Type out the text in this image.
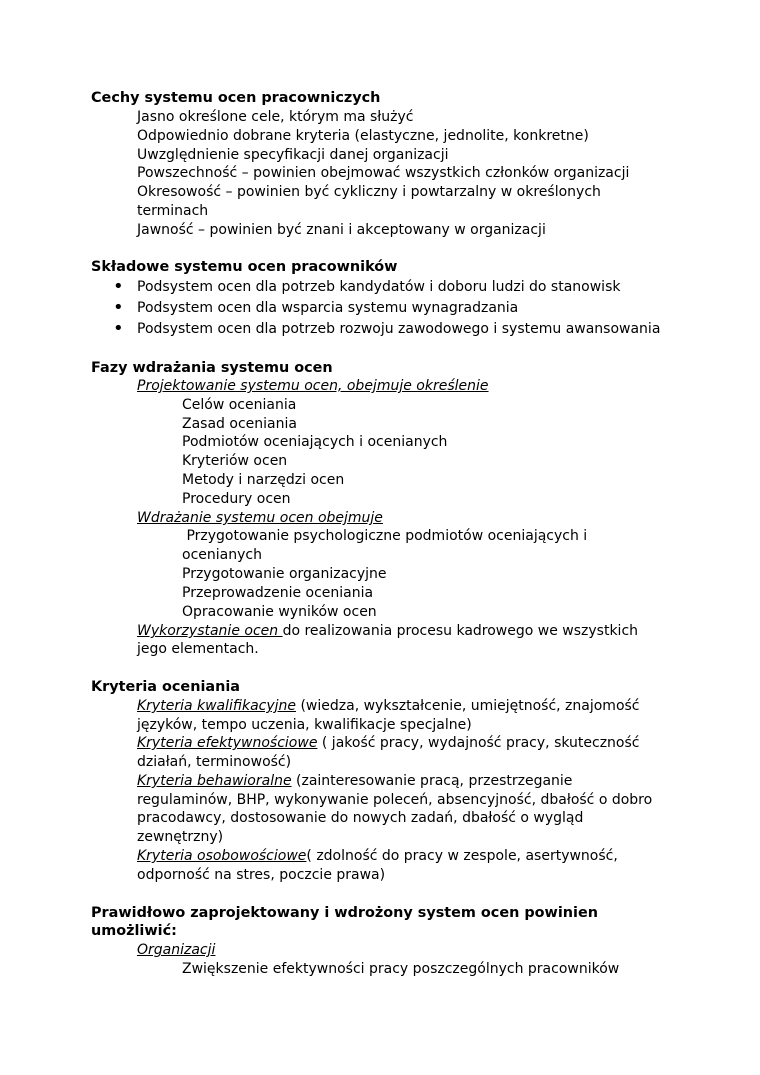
Cechy systemu ocen pracowniczych
Jasno określone cele, którym ma służyć
Odpowiednio dobrane kryteria (elastyczne, jednolite, konkretne)
Uwzględnienie specyfikacji danej organizacji
Powszechność – powinien obejmować wszystkich członków organizacji
Okresowość – powinien być cykliczny i powtarzalny w określonych
terminach
Jawność – powinien być znani i akceptowany w organizacji
Składowe systemu ocen pracowników
• Podsystem ocen dla potrzeb kandydatów i doboru ludzi do stanowisk
• Podsystem ocen dla wsparcia systemu wynagradzania
• Podsystem ocen dla potrzeb rozwoju zawodowego i systemu awansowania
Fazy wdrażania systemu ocen
Projektowanie systemu ocen, obejmuje określenie
Celów oceniania
Zasad oceniania
Podmiotów oceniających i ocenianych
Kryteriów ocen
Metody i narzędzi ocen
Procedury ocen
Wdrażanie systemu ocen obejmuje
Przygotowanie psychologiczne podmiotów oceniających i
ocenianych
Przygotowanie organizacyjne
Przeprowadzenie oceniania
Opracowanie wyników ocen
Wykorzystanie ocen do realizowania procesu kadrowego we wszystkich
jego elementach.
Kryteria oceniania
Kryteria kwalifikacyjne (wiedza, wykształcenie, umiejętność, znajomość
języków, tempo uczenia, kwalifikacje specjalne)
Kryteria efektywnościowe ( jakość pracy, wydajność pracy, skuteczność
działań, terminowość)
Kryteria behawioralne (zainteresowanie pracą, przestrzeganie
regulaminów, BHP, wykonywanie poleceń, absencyjność, dbałość o dobro
pracodawcy, dostosowanie do nowych zadań, dbałość o wygląd
zewnętrzny)
Kryteria osobowościowe( zdolność do pracy w zespole, asertywność,
odporność na stres, poczcie prawa)
Prawidłowo zaprojektowany i wdrożony system ocen powinien
umożliwić:
Organizacji
Zwiększenie efektywności pracy poszczególnych pracowników
